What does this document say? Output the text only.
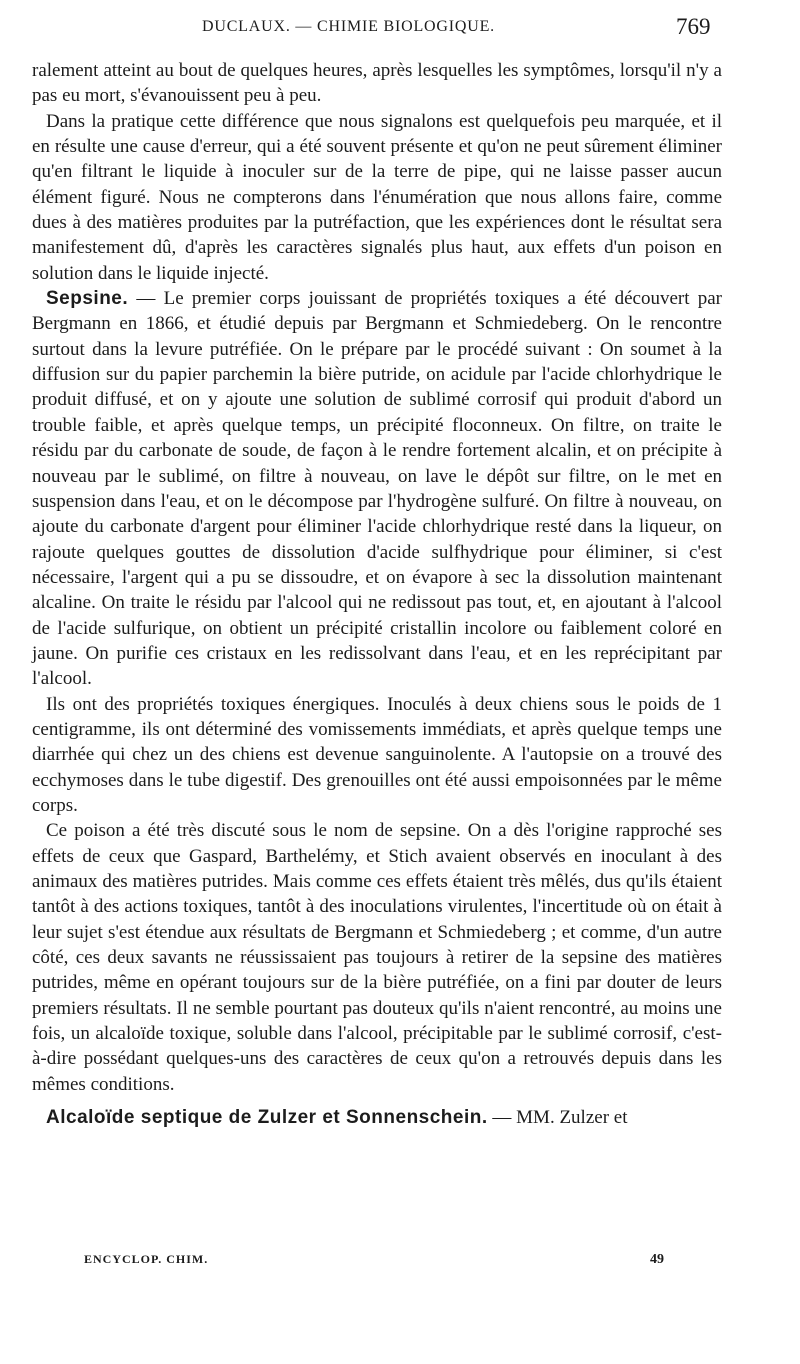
DUCLAUX. — CHIMIE BIOLOGIQUE.	769

ralement atteint au bout de quelques heures, après lesquelles les symptômes, lorsqu'il n'y a pas eu mort, s'évanouissent peu à peu.

Dans la pratique cette différence que nous signalons est quelquefois peu marquée, et il en résulte une cause d'erreur, qui a été souvent présente et qu'on ne peut sûrement éliminer qu'en filtrant le liquide à inoculer sur de la terre de pipe, qui ne laisse passer aucun élément figuré. Nous ne compterons dans l'énumération que nous allons faire, comme dues à des matières produites par la putréfaction, que les expériences dont le résultat sera manifestement dû, d'après les caractères signalés plus haut, aux effets d'un poison en solution dans le liquide injecté.

Sepsine. — Le premier corps jouissant de propriétés toxiques a été découvert par Bergmann en 1866, et étudié depuis par Bergmann et Schmiedeberg. On le rencontre surtout dans la levure putréfiée. On le prépare par le procédé suivant : On soumet à la diffusion sur du papier parchemin la bière putride, on acidule par l'acide chlorhydrique le produit diffusé, et on y ajoute une solution de sublimé corrosif qui produit d'abord un trouble faible, et après quelque temps, un précipité floconneux. On filtre, on traite le résidu par du carbonate de soude, de façon à le rendre fortement alcalin, et on précipite à nouveau par le sublimé, on filtre à nouveau, on lave le dépôt sur filtre, on le met en suspension dans l'eau, et on le décompose par l'hydrogène sulfuré. On filtre à nouveau, on ajoute du carbonate d'argent pour éliminer l'acide chlorhydrique resté dans la liqueur, on rajoute quelques gouttes de dissolution d'acide sulfhydrique pour éliminer, si c'est nécessaire, l'argent qui a pu se dissoudre, et on évapore à sec la dissolution maintenant alcaline. On traite le résidu par l'alcool qui ne redissout pas tout, et, en ajoutant à l'alcool de l'acide sulfurique, on obtient un précipité cristallin incolore ou faiblement coloré en jaune. On purifie ces cristaux en les redissolvant dans l'eau, et en les reprécipitant par l'alcool.

Ils ont des propriétés toxiques énergiques. Inoculés à deux chiens sous le poids de 1 centigramme, ils ont déterminé des vomissements immédiats, et après quelque temps une diarrhée qui chez un des chiens est devenue sanguinolente. A l'autopsie on a trouvé des ecchymoses dans le tube digestif. Des grenouilles ont été aussi empoisonnées par le même corps.

Ce poison a été très discuté sous le nom de sepsine. On a dès l'origine rapproché ses effets de ceux que Gaspard, Barthelémy, et Stich avaient observés en inoculant à des animaux des matières putrides. Mais comme ces effets étaient très mêlés, dus qu'ils étaient tantôt à des actions toxiques, tantôt à des inoculations virulentes, l'incertitude où on était à leur sujet s'est étendue aux résultats de Bergmann et Schmiedeberg ; et comme, d'un autre côté, ces deux savants ne réussissaient pas toujours à retirer de la sepsine des matières putrides, même en opérant toujours sur de la bière putréfiée, on a fini par douter de leurs premiers résultats. Il ne semble pourtant pas douteux qu'ils n'aient rencontré, au moins une fois, un alcaloïde toxique, soluble dans l'alcool, précipitable par le sublimé corrosif, c'est-à-dire possédant quelques-uns des caractères de ceux qu'on a retrouvés depuis dans les mêmes conditions.

Alcaloïde septique de Zulzer et Sonnenschein. — MM. Zulzer et

ENCYCLOP. CHIM.	49
